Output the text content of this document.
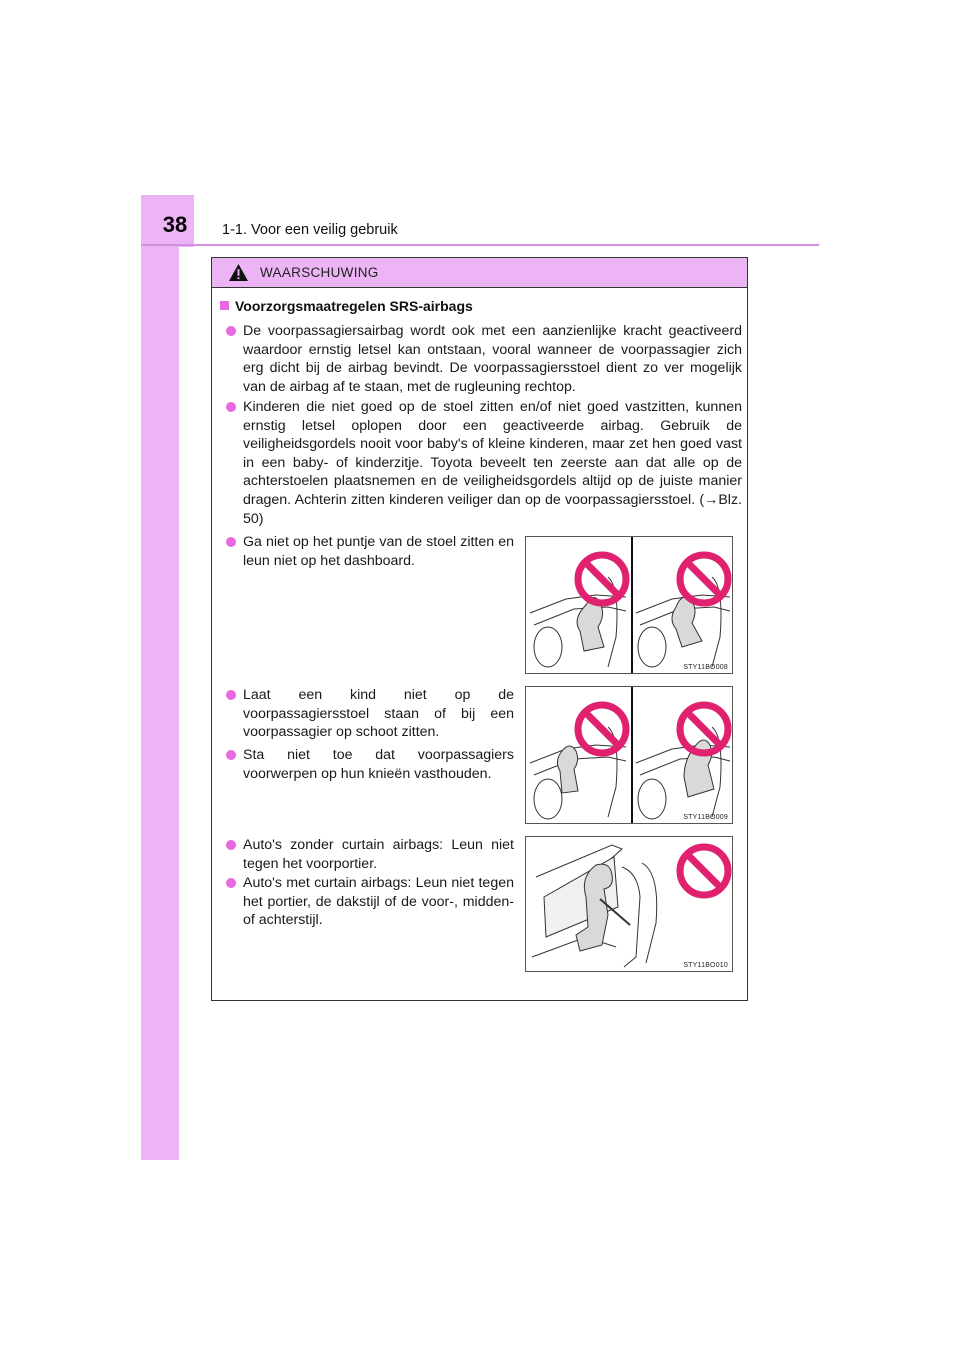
38	1-1. Voor een veilig gebruik
WAARSCHUWING
Voorzorgsmaatregelen SRS-airbags
De voorpassagiersairbag wordt ook met een aanzienlijke kracht geactiveerd waardoor ernstig letsel kan ontstaan, vooral wanneer de voorpassagier zich erg dicht bij de airbag bevindt. De voorpassagiersstoel dient zo ver mogelijk van de airbag af te staan, met de rugleuning rechtop.
Kinderen die niet goed op de stoel zitten en/of niet goed vastzitten, kunnen ernstig letsel oplopen door een geactiveerde airbag. Gebruik de veiligheidsgordels nooit voor baby's of kleine kinderen, maar zet hen goed vast in een baby- of kinderzitje. Toyota beveelt ten zeerste aan dat alle op de achterstoelen plaatsnemen en de veiligheidsgordels altijd op de juiste manier dragen. Achterin zitten kinderen veiliger dan op de voorpassagiersstoel. (→Blz. 50)
Ga niet op het puntje van de stoel zitten en leun niet op het dashboard.
Laat een kind niet op de voorpassagiersstoel staan of bij een voorpassagier op schoot zitten.
Sta niet toe dat voorpassagiers voorwerpen op hun knieën vasthouden.
Auto's zonder curtain airbags: Leun niet tegen het voorportier.
Auto's met curtain airbags: Leun niet tegen het portier, de dakstijl of de voor-, midden- of achterstijl.
STY11BO008
STY11BO009
STY11BO010
